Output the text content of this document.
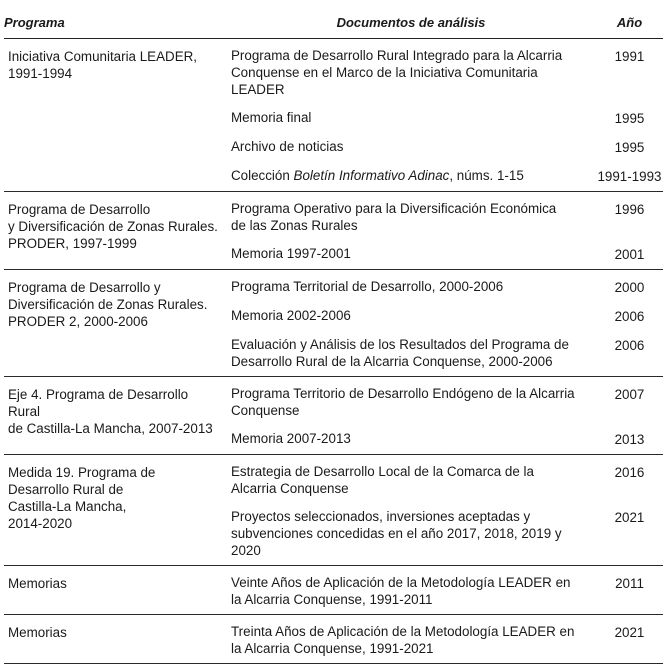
Programa	Documentos de análisis	Año

Iniciativa Comunitaria LEADER,
1991-1994	Programa de Desarrollo Rural Integrado para la Alcarria
Conquense en el Marco de la Iniciativa Comunitaria
LEADER	1991

	Memoria final	1995

	Archivo de noticias	1995

	Colección Boletín Informativo Adinac, núms. 1-15	1991-1993

Programa de Desarrollo
y Diversificación de Zonas Rurales.
PRODER, 1997-1999	Programa Operativo para la Diversificación Económica
de las Zonas Rurales	1996

	Memoria 1997-2001	2001

Programa de Desarrollo y
Diversificación de Zonas Rurales.
PRODER 2, 2000-2006	Programa Territorial de Desarrollo, 2000-2006	2000

	Memoria 2002-2006	2006

	Evaluación y Análisis de los Resultados del Programa de
Desarrollo Rural de la Alcarria Conquense, 2000-2006	2006

Eje 4. Programa de Desarrollo Rural
de Castilla-La Mancha, 2007-2013	Programa Territorio de Desarrollo Endógeno de la Alcarria
Conquense	2007

	Memoria 2007-2013	2013

Medida 19. Programa de
Desarrollo Rural de
Castilla-La Mancha,
2014-2020	Estrategia de Desarrollo Local de la Comarca de la
Alcarria Conquense	2016

	Proyectos seleccionados, inversiones aceptadas y
subvenciones concedidas en el año 2017, 2018, 2019 y
2020	2021

Memorias	Veinte Años de Aplicación de la Metodología LEADER en
la Alcarria Conquense, 1991-2011	2011

Memorias	Treinta Años de Aplicación de la Metodología LEADER en
la Alcarria Conquense, 1991-2021	2021
